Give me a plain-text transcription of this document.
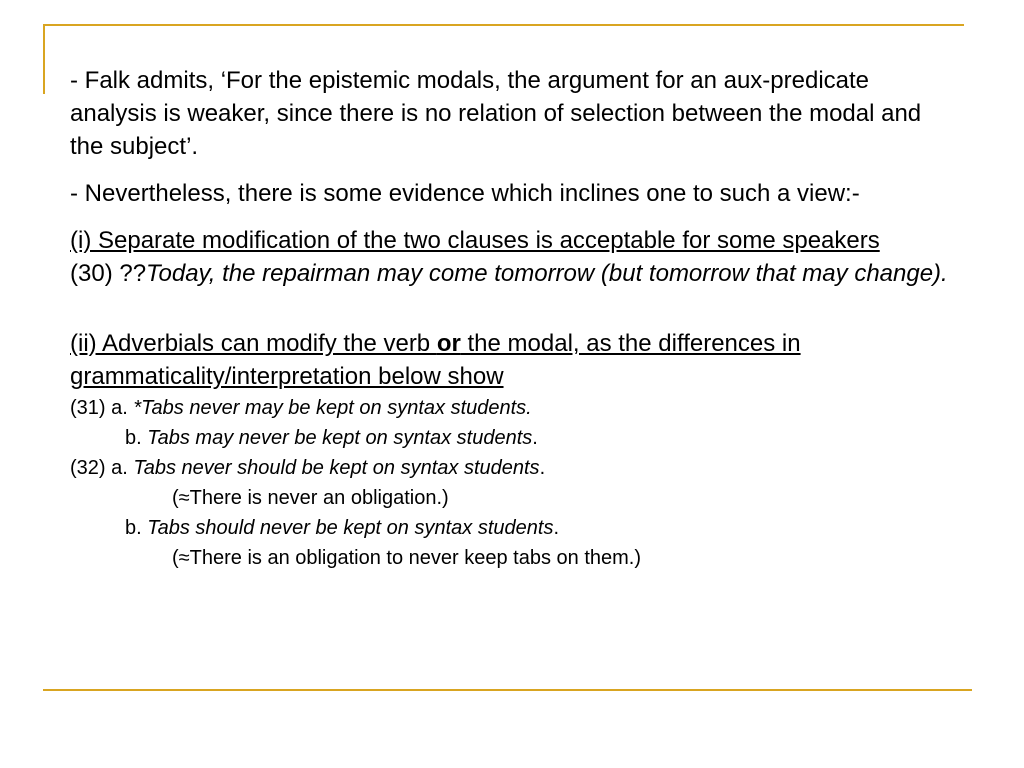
- Falk admits, ‘For the epistemic modals, the argument for an aux-predicate analysis is weaker, since there is no relation of selection between the modal and the subject’.

- Nevertheless, there is some evidence which inclines one to such a view:-

(i) Separate modification of the two clauses is acceptable for some speakers

(30) ??Today, the repairman may come tomorrow (but tomorrow that may change).

(ii) Adverbials can modify the verb or the modal, as the differences in grammaticality/interpretation below show

(31) a. *Tabs never may be kept on syntax students.

b. Tabs may never be kept on syntax students.

(32) a. Tabs never should be kept on syntax students.

(≈There is never an obligation.)

b. Tabs should never be kept on syntax students.

(≈There is an obligation to never keep tabs on them.)
